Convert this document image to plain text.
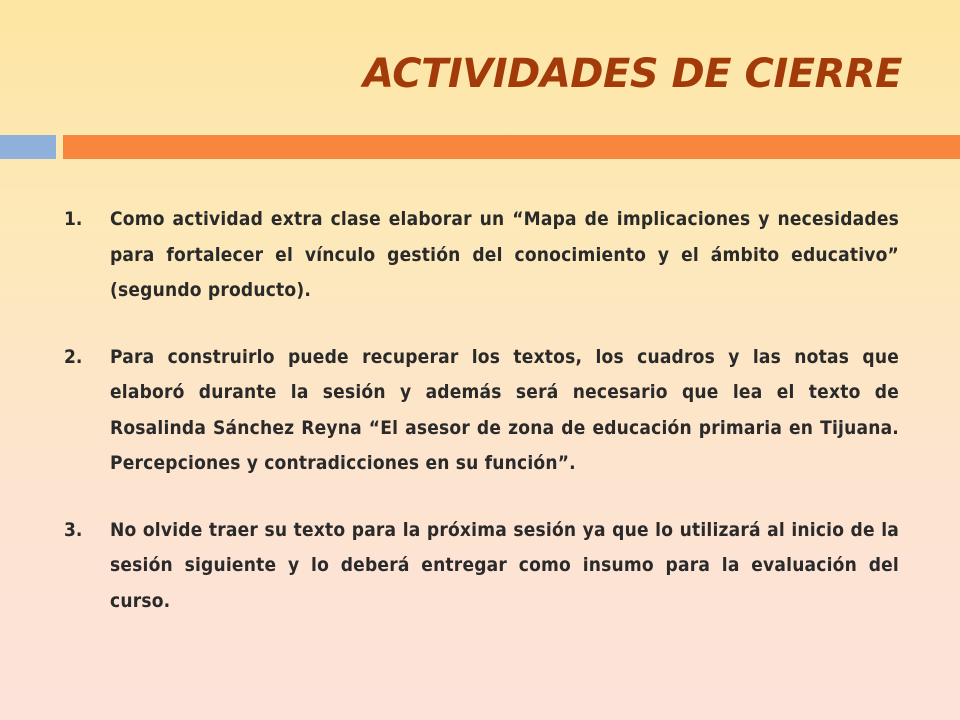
ACTIVIDADES DE CIERRE
1.	Como actividad extra clase elaborar un “Mapa de implicaciones y necesidades para fortalecer el vínculo gestión del conocimiento y el ámbito educativo” (segundo producto).
2.	Para construirlo puede recuperar los textos, los cuadros y las notas que elaboró durante la sesión y además será necesario que lea el texto de Rosalinda Sánchez Reyna “El asesor de zona de educación primaria en Tijuana. Percepciones y contradicciones en su función”.
3.	No olvide traer su texto para la próxima sesión ya que lo utilizará al inicio de la sesión siguiente y lo deberá entregar como insumo para la evaluación del curso.
